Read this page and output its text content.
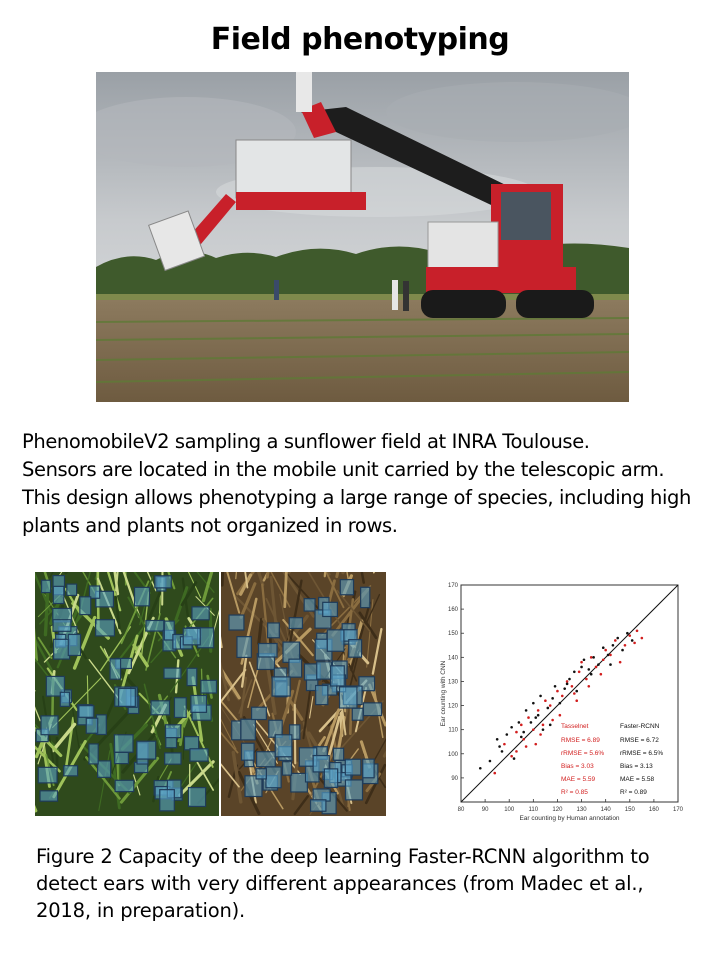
Field phenotyping
PhenomobileV2 sampling a sunflower field at INRA Toulouse.
Sensors are located in the mobile unit carried by the telescopic arm.
This design allows phenotyping a large range of species, including high
plants and plants not organized in rows.
80	90	100 110 120 130 140 150 160 170
90
100
110
120
130
140
150
160
170
Ear counting by Human annotation
Ear counting with CNN
Tasselnet
RMSE = 6.89
rRMSE = 5.6%
Bias = 3.03
MAE = 5.59
R² = 0.85
Faster-RCNN
RMSE = 6.72
rRMSE = 6.5%
Bias = 3.13
MAE = 5.58
R² = 0.89
Figure 2 Capacity of the deep learning Faster-RCNN algorithm to
detect ears with very different appearances (from Madec et al.,
2018, in preparation).
